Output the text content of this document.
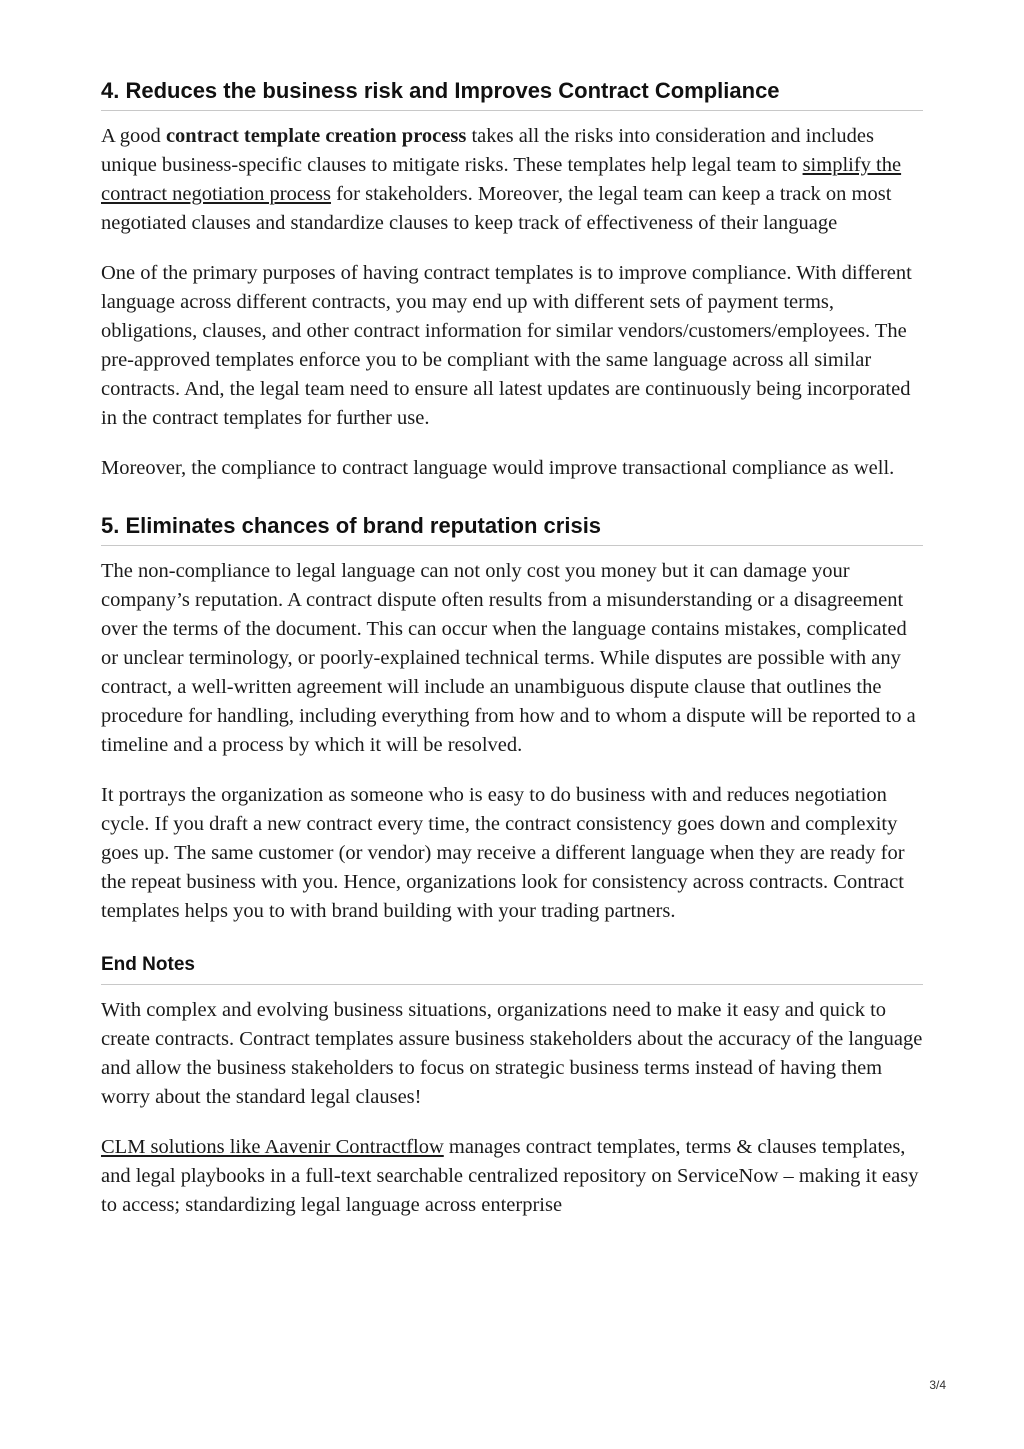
4. Reduces the business risk and Improves Contract Compliance

A good contract template creation process takes all the risks into consideration and includes unique business-specific clauses to mitigate risks. These templates help legal team to simplify the contract negotiation process for stakeholders. Moreover, the legal team can keep a track on most negotiated clauses and standardize clauses to keep track of effectiveness of their language

One of the primary purposes of having contract templates is to improve compliance. With different language across different contracts, you may end up with different sets of payment terms, obligations, clauses, and other contract information for similar vendors/customers/employees. The pre-approved templates enforce you to be compliant with the same language across all similar contracts. And, the legal team need to ensure all latest updates are continuously being incorporated in the contract templates for further use.

Moreover, the compliance to contract language would improve transactional compliance as well.

5. Eliminates chances of brand reputation crisis

The non-compliance to legal language can not only cost you money but it can damage your company’s reputation. A contract dispute often results from a misunderstanding or a disagreement over the terms of the document. This can occur when the language contains mistakes, complicated or unclear terminology, or poorly-explained technical terms. While disputes are possible with any contract, a well-written agreement will include an unambiguous dispute clause that outlines the procedure for handling, including everything from how and to whom a dispute will be reported to a timeline and a process by which it will be resolved.

It portrays the organization as someone who is easy to do business with and reduces negotiation cycle. If you draft a new contract every time, the contract consistency goes down and complexity goes up. The same customer (or vendor) may receive a different language when they are ready for the repeat business with you. Hence, organizations look for consistency across contracts. Contract templates helps you to with brand building with your trading partners.

End Notes

With complex and evolving business situations, organizations need to make it easy and quick to create contracts. Contract templates assure business stakeholders about the accuracy of the language and allow the business stakeholders to focus on strategic business terms instead of having them worry about the standard legal clauses!

CLM solutions like Aavenir Contractflow manages contract templates, terms & clauses templates, and legal playbooks in a full-text searchable centralized repository on ServiceNow – making it easy to access; standardizing legal language across enterprise

3/4
